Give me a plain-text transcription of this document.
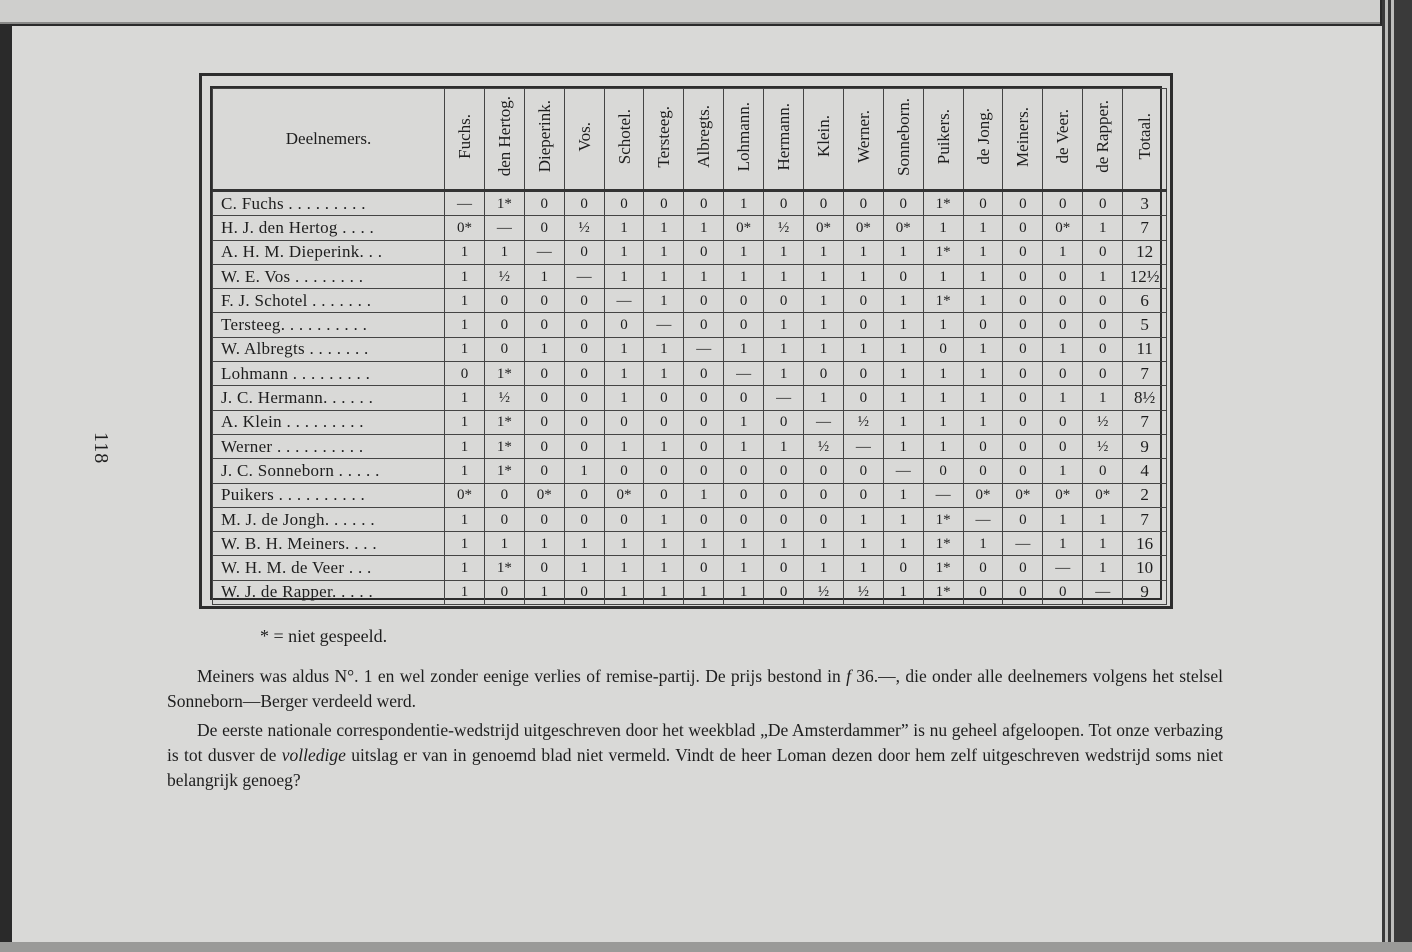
118
Deelnemers.	Fuchs.	den Hertog.	Dieperink.	Vos.	Schotel.	Tersteeg.	Albregts.	Lohmann.	Hermann.	Klein.	Werner.	Sonneborn.	Puikers.	de Jong.	Meiners.	de Veer.	de Rapper.	Totaal.
C. Fuchs . . . . . . . . .	—	1*	0	0	0	0	0	1	0	0	0	0	1*	0	0	0	0	3
H. J. den Hertog . . . .	0*	—	0	½	1	1	1	0*	½	0*	0*	0*	1	1	0	0*	1	7
A. H. M. Dieperink. . .	1	1	—	0	1	1	0	1	1	1	1	1	1*	1	0	1	0	12
W. E. Vos . . . . . . . .	1	½	1	—	1	1	1	1	1	1	1	0	1	1	0	0	1	12½
F. J. Schotel . . . . . . .	1	0	0	0	—	1	0	0	0	1	0	1	1*	1	0	0	0	6
Tersteeg. . . . . . . . . .	1	0	0	0	0	—	0	0	1	1	0	1	1	0	0	0	0	5
W. Albregts . . . . . . .	1	0	1	0	1	1	—	1	1	1	1	1	0	1	0	1	0	11
Lohmann . . . . . . . . .	0	1*	0	0	1	1	0	—	1	0	0	1	1	1	0	0	0	7
J. C. Hermann. . . . . .	1	½	0	0	1	0	0	0	—	1	0	1	1	1	0	1	1	8½
A. Klein . . . . . . . . .	1	1*	0	0	0	0	0	1	0	—	½	1	1	1	0	0	½	7
Werner . . . . . . . . . .	1	1*	0	0	1	1	0	1	1	½	—	1	1	0	0	0	½	9
J. C. Sonneborn . . . . .	1	1*	0	1	0	0	0	0	0	0	0	—	0	0	0	1	0	4
Puikers . . . . . . . . . .	0*	0	0*	0	0*	0	1	0	0	0	0	1	—	0*	0*	0*	0*	2
M. J. de Jongh. . . . . .	1	0	0	0	0	1	0	0	0	0	1	1	1*	—	0	1	1	7
W. B. H. Meiners. . . .	1	1	1	1	1	1	1	1	1	1	1	1	1*	1	—	1	1	16
W. H. M. de Veer . . .	1	1*	0	1	1	1	0	1	0	1	1	0	1*	0	0	—	1	10
W. J. de Rapper. . . . .	1	0	1	0	1	1	1	1	0	½	½	1	1*	0	0	0	—	9
* = niet gespeeld.
Meiners was aldus N°. 1 en wel zonder eenige verlies of remise-partij. De prijs bestond in f 36.—, die onder alle deelnemers volgens het stelsel Sonneborn—Berger verdeeld werd.
De eerste nationale correspondentie-wedstrijd uitgeschreven door het weekblad „De Amsterdammer” is nu geheel afgeloopen. Tot onze verbazing is tot dusver de volledige uitslag er van in genoemd blad niet vermeld. Vindt de heer Loman dezen door hem zelf uitgeschreven wedstrijd soms niet belangrijk genoeg?
